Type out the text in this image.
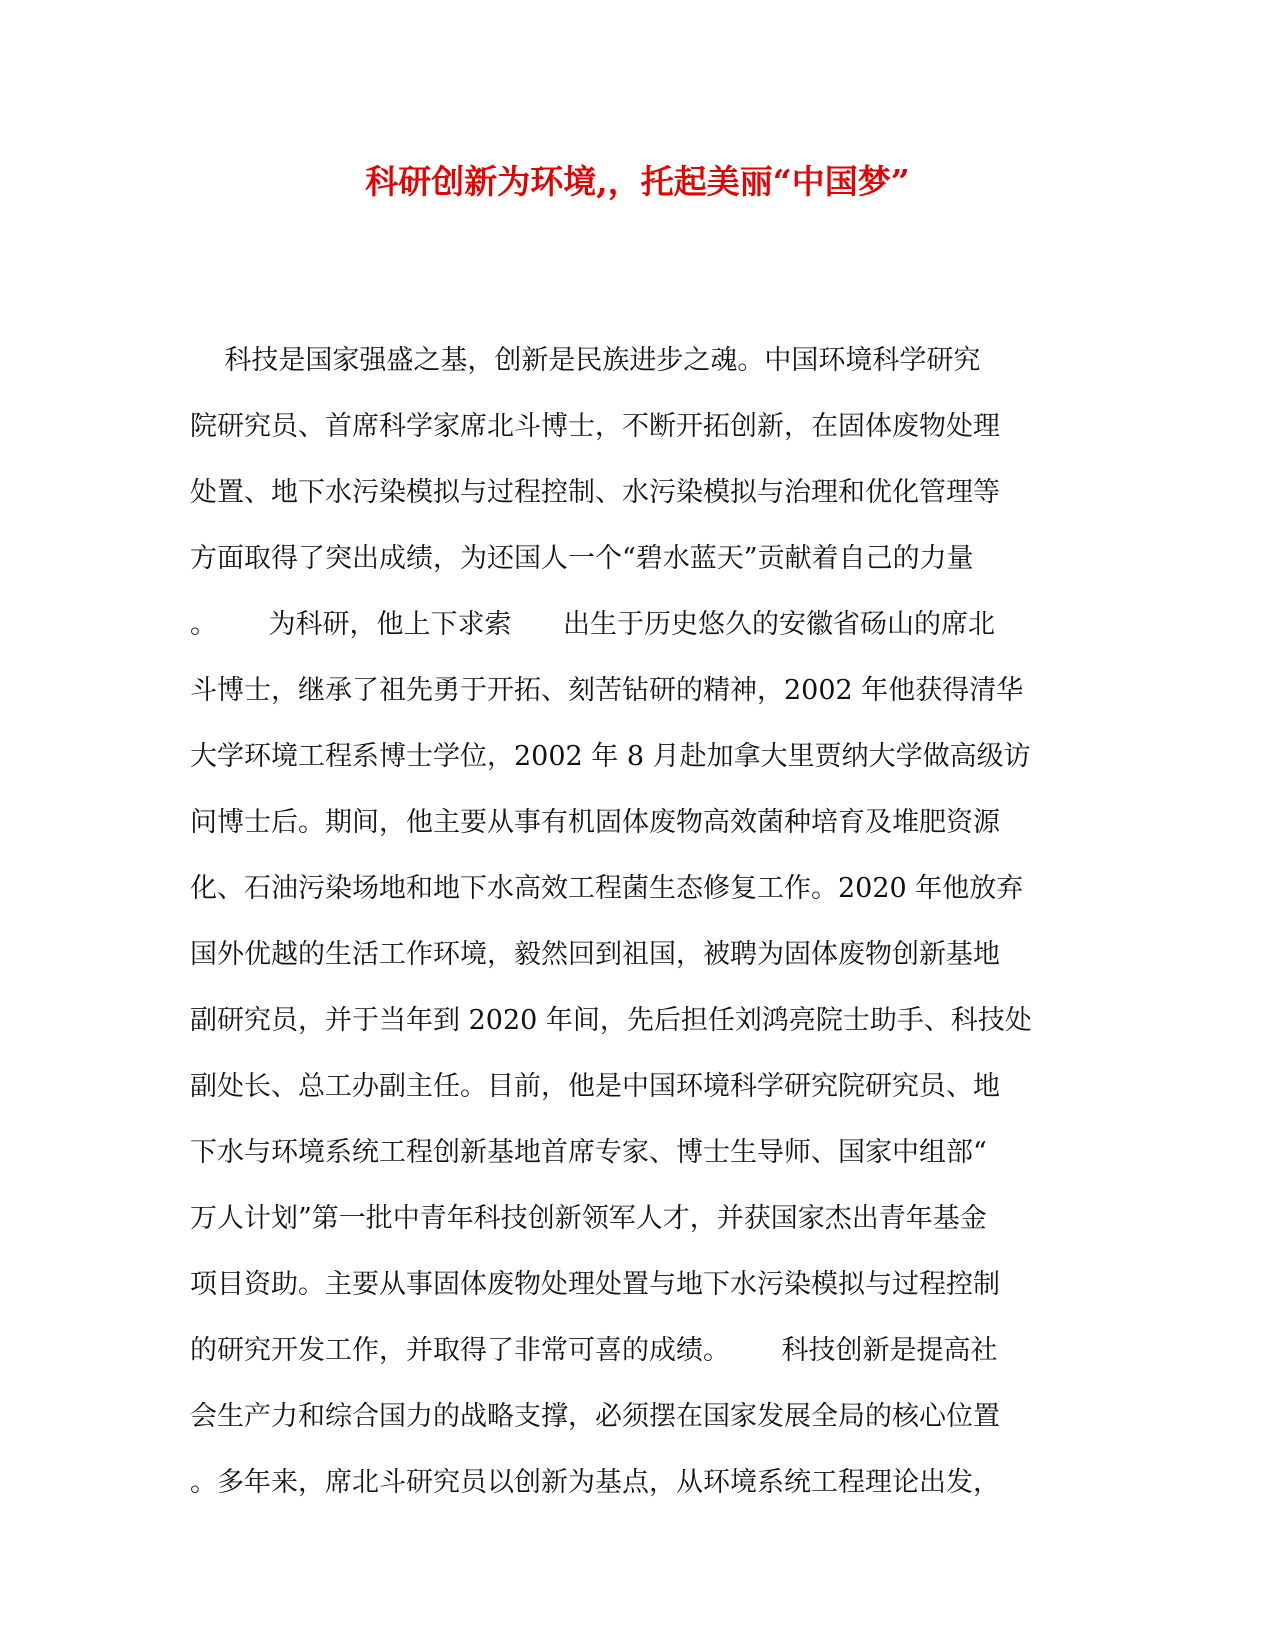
科研创新为环境,，托起美丽“中国梦”
科技是国家强盛之基，创新是民族进步之魂。中国环境科学研究
院研究员、首席科学家席北斗博士，不断开拓创新，在固体废物处理
处置、地下水污染模拟与过程控制、水污染模拟与治理和优化管理等
方面取得了突出成绩，为还国人一个“碧水蓝天”贡献着自己的力量
。      为科研，他上下求索      出生于历史悠久的安徽省砀山的席北
斗博士，继承了祖先勇于开拓、刻苦钻研的精神，2002 年他获得清华
大学环境工程系博士学位，2002 年 8 月赴加拿大里贾纳大学做高级访
问博士后。期间，他主要从事有机固体废物高效菌种培育及堆肥资源
化、石油污染场地和地下水高效工程菌生态修复工作。2020 年他放弃
国外优越的生活工作环境，毅然回到祖国，被聘为固体废物创新基地
副研究员，并于当年到 2020 年间，先后担任刘鸿亮院士助手、科技处
副处长、总工办副主任。目前，他是中国环境科学研究院研究员、地
下水与环境系统工程创新基地首席专家、博士生导师、国家中组部“
万人计划”第一批中青年科技创新领军人才，并获国家杰出青年基金
项目资助。主要从事固体废物处理处置与地下水污染模拟与过程控制
的研究开发工作，并取得了非常可喜的成绩。      科技创新是提高社
会生产力和综合国力的战略支撑，必须摆在国家发展全局的核心位置
。多年来，席北斗研究员以创新为基点，从环境系统工程理论出发，
